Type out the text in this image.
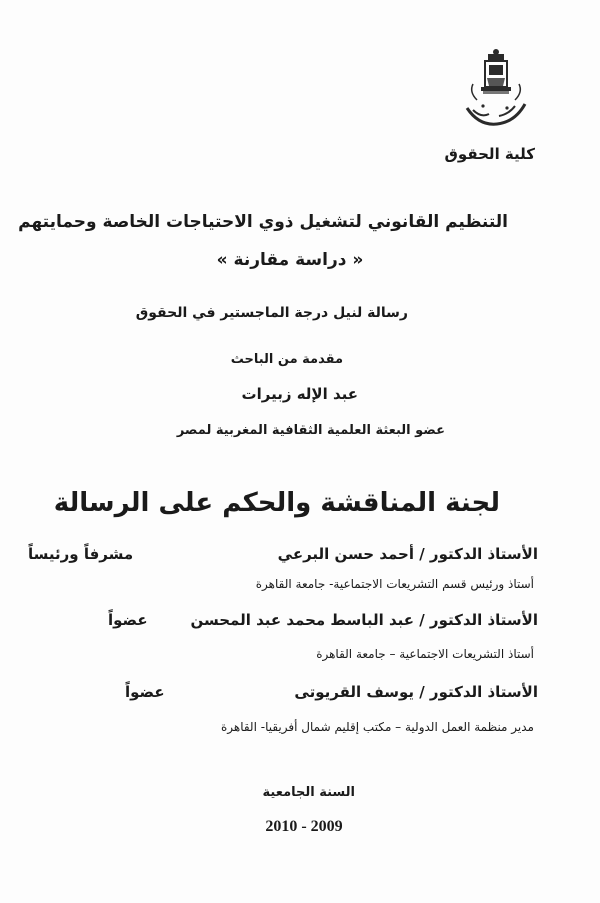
كلية الحقوق
التنظيم القانوني لتشغيل ذوي الاحتياجات الخاصة وحمايتهم
« دراسة مقارنة »
رسالة لنيل درجة الماجستير في الحقوق
مقدمة من الباحث
عبد الإله زبيرات
عضو البعثة العلمية الثقافية المغربية لمصر
لجنة المناقشة والحكم على الرسالة
الأستاذ الدكتور / أحمد حسن البرعي
مشرفاً ورئيساً
أستاذ ورئيس قسم التشريعات الاجتماعية- جامعة القاهرة
الأستاذ الدكتور / عبد الباسط محمد عبد المحسن
عضواً
أستاذ التشريعات الاجتماعية – جامعة القاهرة
الأستاذ الدكتور / يوسف القريوتى
عضواً
مدير منظمة العمل الدولية – مكتب إقليم شمال أفريقيا- القاهرة
السنة الجامعية
2010 - 2009
